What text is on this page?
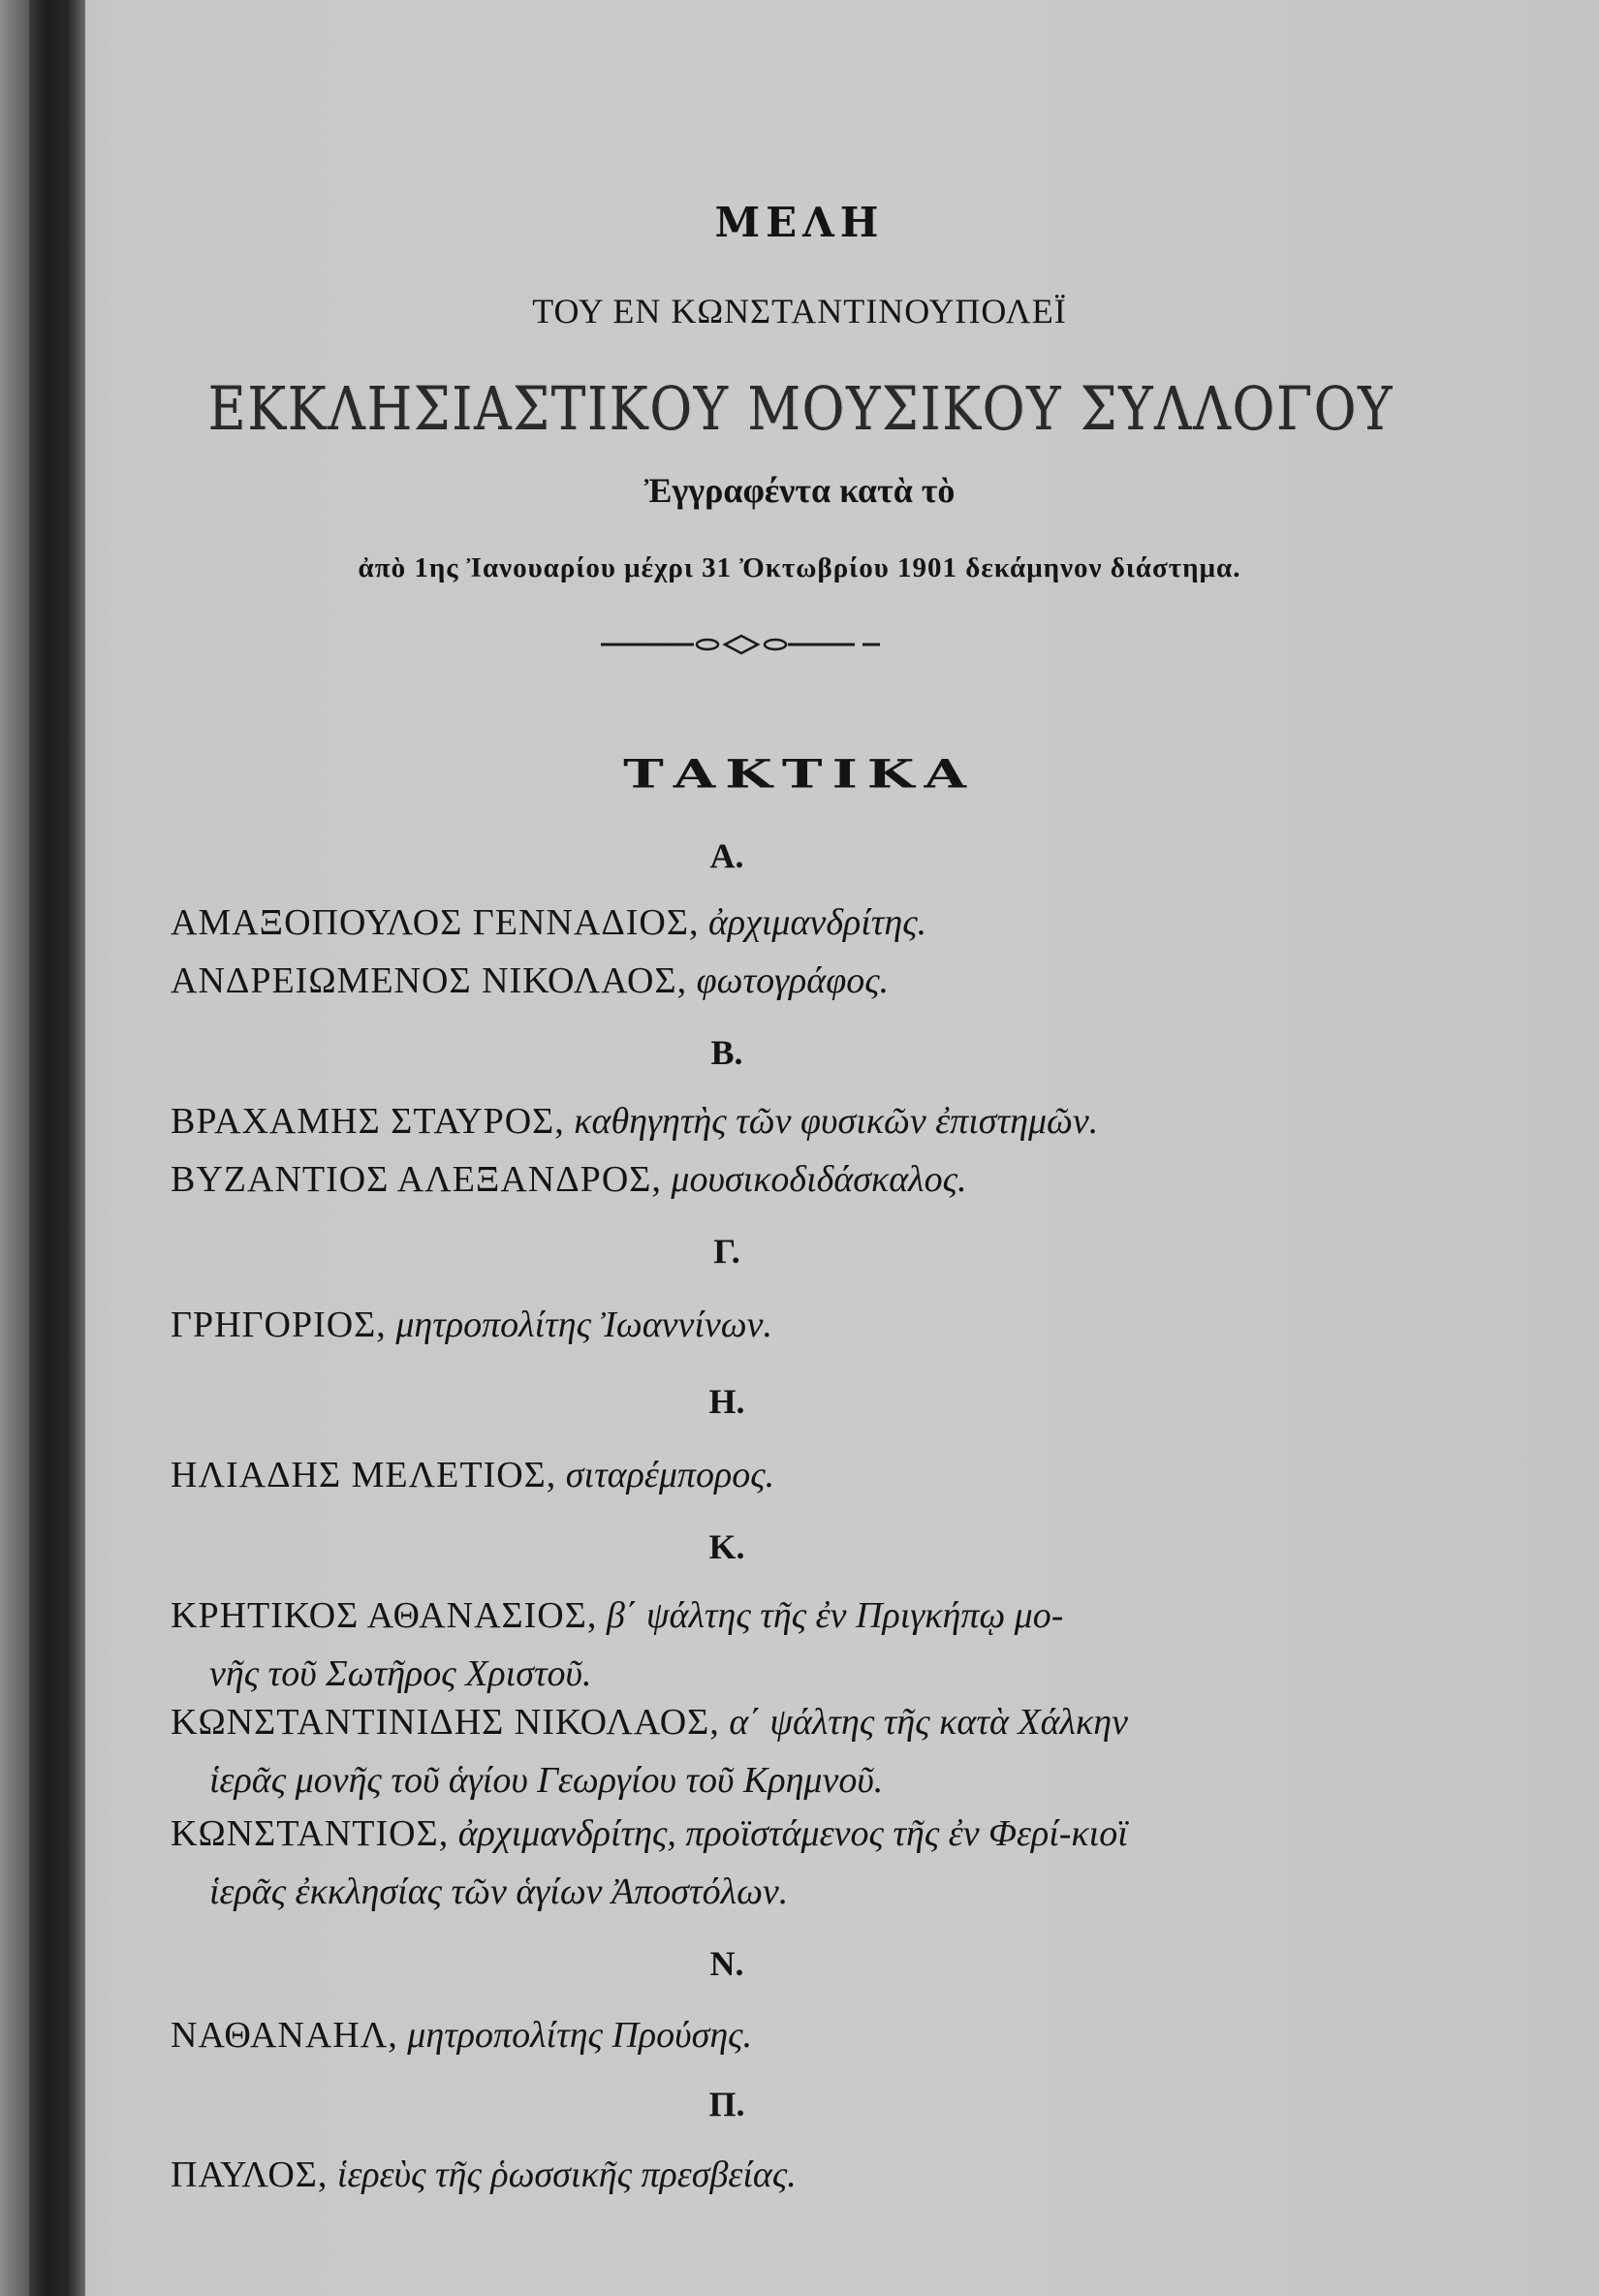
ΜΕΛΗ
ΤΟΥ ΕΝ ΚΩΝΣΤΑΝΤΙΝΟΥΠΟΛΕΪ
ΕΚΚΛΗΣΙΑΣΤΙΚΟΥ ΜΟΥΣΙΚΟΥ ΣΥΛΛΟΓΟΥ
Ἐγγραφέντα κατὰ τὸ
ἀπὸ 1ης Ἰανουαρίου μέχρι 31 Ὀκτωβρίου 1901 δεκάμηνον διάστημα.
ΤΑΚΤΙΚΑ
Α.
ΑΜΑΞΟΠΟΥΛΟΣ ΓΕΝΝΑΔΙΟΣ, ἀρχιμανδρίτης.
ΑΝΔΡΕΙΩΜΕΝΟΣ ΝΙΚΟΛΑΟΣ, φωτογράφος.
Β.
ΒΡΑΧΑΜΗΣ ΣΤΑΥΡΟΣ, καθηγητὴς τῶν φυσικῶν ἐπιστημῶν.
ΒΥΖΑΝΤΙΟΣ ΑΛΕΞΑΝΔΡΟΣ, μουσικοδιδάσκαλος.
Γ.
ΓΡΗΓΟΡΙΟΣ, μητροπολίτης Ἰωαννίνων.
Η.
ΗΛΙΑΔΗΣ ΜΕΛΕΤΙΟΣ, σιταρέμπορος.
Κ.
ΚΡΗΤΙΚΟΣ ΑΘΑΝΑΣΙΟΣ, β΄ ψάλτης τῆς ἐν Πριγκήπῳ μο-
νῆς τοῦ Σωτῆρος Χριστοῦ.
ΚΩΝΣΤΑΝΤΙΝΙΔΗΣ ΝΙΚΟΛΑΟΣ, α΄ ψάλτης τῆς κατὰ Χάλκην
ἱερᾶς μονῆς τοῦ ἁγίου Γεωργίου τοῦ Κρημνοῦ.
ΚΩΝΣΤΑΝΤΙΟΣ, ἀρχιμανδρίτης, προϊστάμενος τῆς ἐν Φερί-κιοϊ
ἱερᾶς ἐκκλησίας τῶν ἁγίων Ἀποστόλων.
Ν.
ΝΑΘΑΝΑΗΛ, μητροπολίτης Προύσης.
Π.
ΠΑΥΛΟΣ, ἱερεὺς τῆς ῥωσσικῆς πρεσβείας.
